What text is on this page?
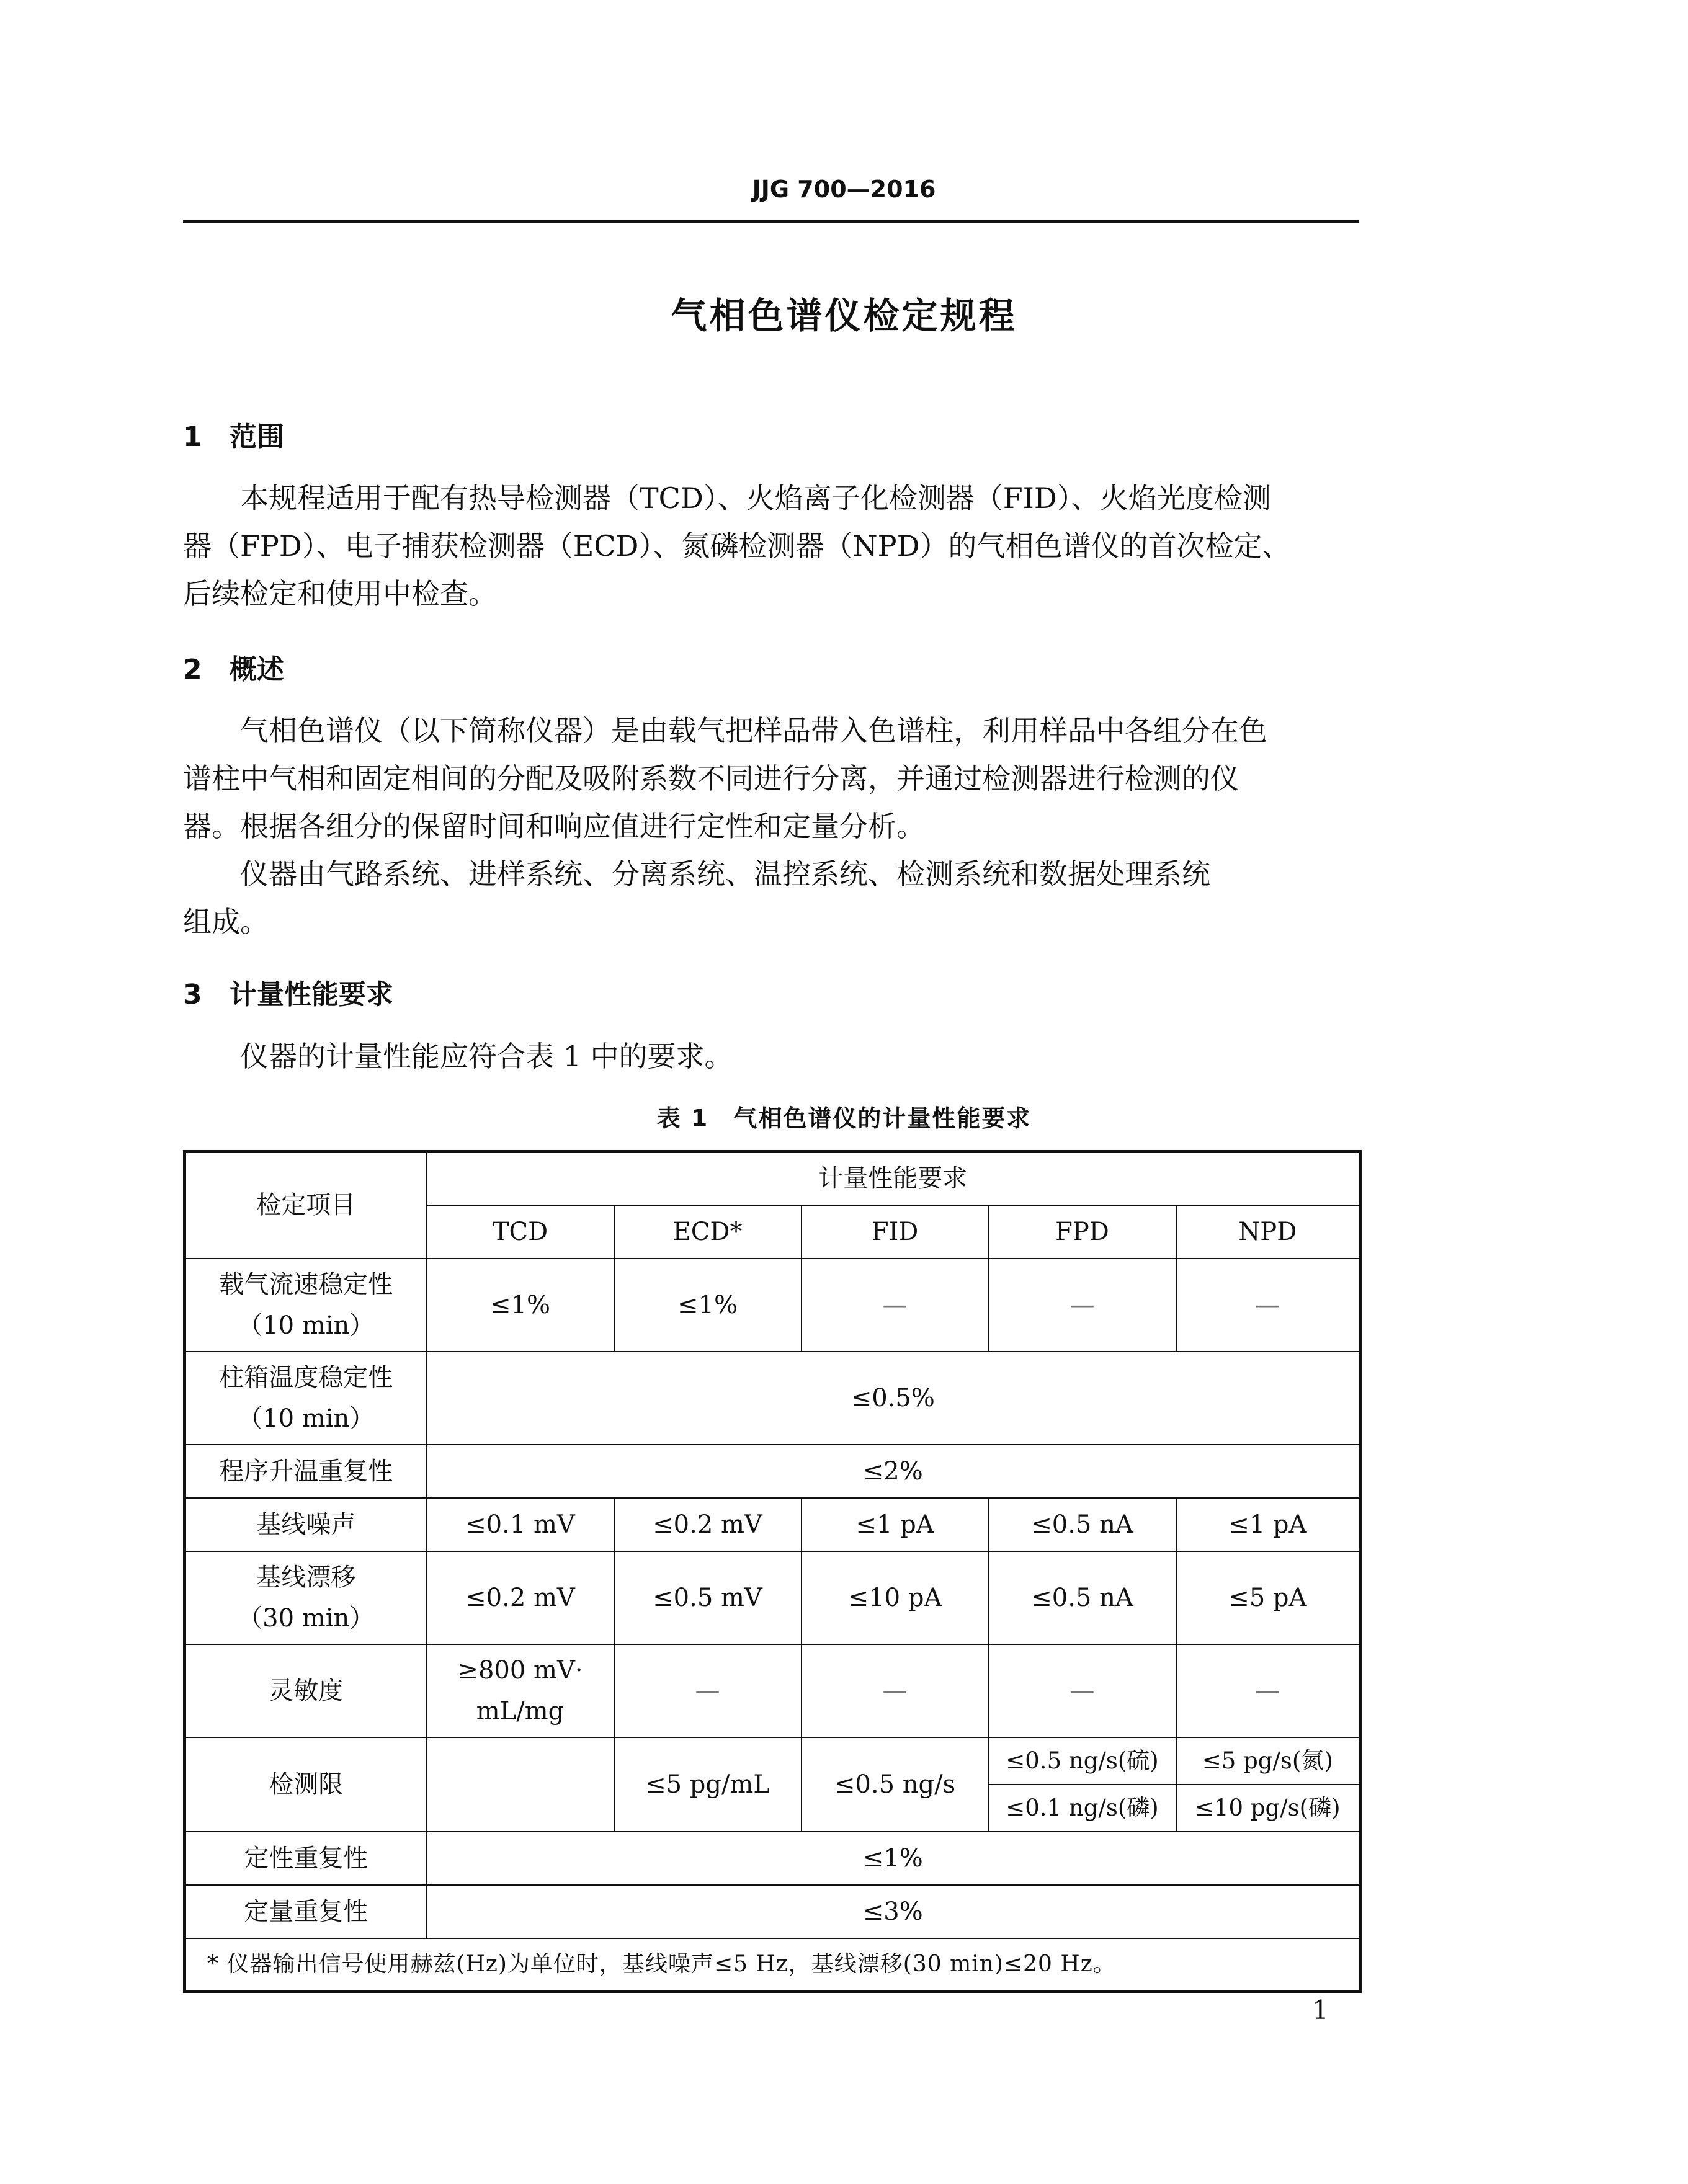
JJG 700—2016
气相色谱仪检定规程
1 范围
本规程适用于配有热导检测器（TCD）、火焰离子化检测器（FID）、火焰光度检测
器（FPD）、电子捕获检测器（ECD）、氮磷检测器（NPD）的气相色谱仪的首次检定、
后续检定和使用中检查。
2 概述
气相色谱仪（以下简称仪器）是由载气把样品带入色谱柱，利用样品中各组分在色
谱柱中气相和固定相间的分配及吸附系数不同进行分离，并通过检测器进行检测的仪
器。根据各组分的保留时间和响应值进行定性和定量分析。
仪器由气路系统、进样系统、分离系统、温控系统、检测系统和数据处理系统
组成。
3 计量性能要求
仪器的计量性能应符合表 1 中的要求。
表 1　气相色谱仪的计量性能要求
检定项目	计量性能要求				
	TCD	ECD*	FID	FPD	NPD

载气流速稳定性
（10 min）	≤1%	≤1%	—	—	—

柱箱温度稳定性
（10 min）	≤0.5%				
程序升温重复性	≤2%				
基线噪声	≤0.1 mV	≤0.2 mV	≤1 pA	≤0.5 nA	≤1 pA

基线漂移
（30 min）	≤0.2 mV	≤0.5 mV	≤10 pA	≤0.5 nA	≤5 pA
灵敏度	≥800 mV·
mL/mg	—	—	—	—
检测限		≤5 pg/mL	≤0.5 ng/s	≤0.5 ng/s(硫)	≤5 pg/s(氮)
				≤0.1 ng/s(磷)	≤10 pg/s(磷)
定性重复性	≤1%				
定量重复性	≤3%				
* 仪器输出信号使用赫兹(Hz)为单位时，基线噪声≤5 Hz，基线漂移(30 min)≤20 Hz。					
1
